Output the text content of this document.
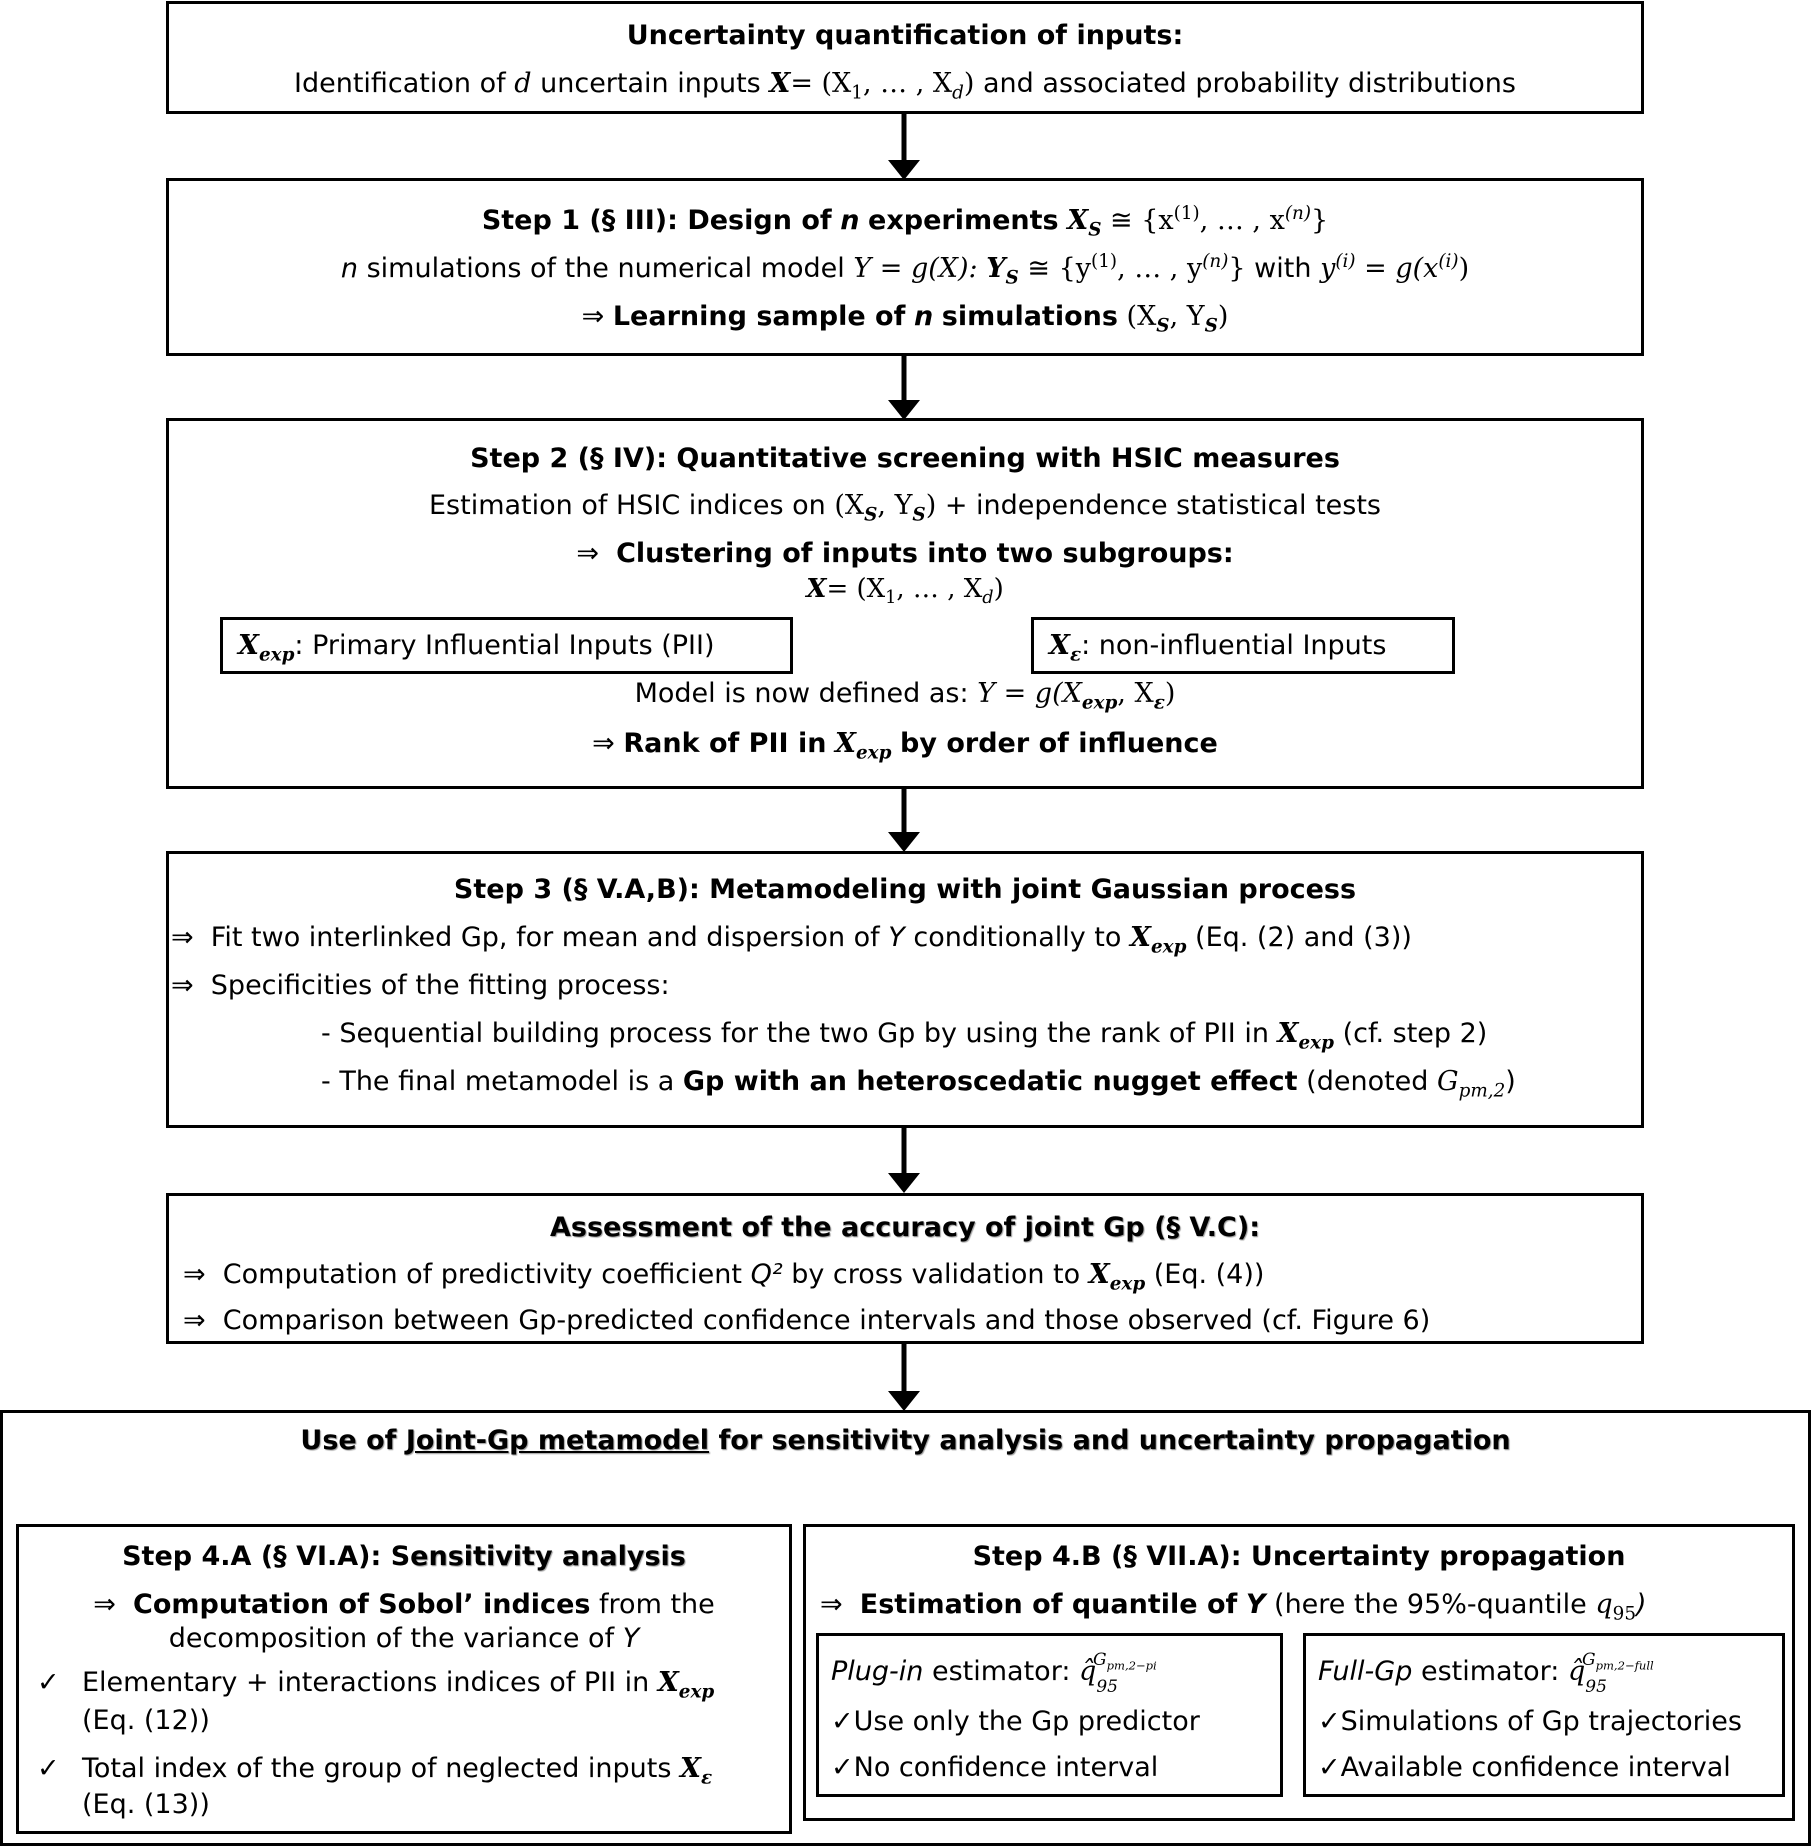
Uncertainty quantification of inputs:
Identification of d uncertain inputs $X= (X_1$, … , $X_d$) and associated probability distributions
Step 1 (§ III): Design of n experiments $X_S$ ≅ {$x^{(1)}$, … , $x^{(n)}$}
n simulations of the numerical model Y = g(X): $Y_S$ ≅ {$y^{(1)}$, … , $y^{(n)}$} with $y^{(i)} = g(x^{(i)})$
⇒ Learning sample of n simulations ($X_S$, $Y_S$)
Step 2 (§ IV): Quantitative screening with HSIC measures
Estimation of HSIC indices on ($X_S$, $Y_S$) + independence statistical tests
⇒ Clustering of inputs into two subgroups:
$X= (X_1$, … , $X_d$)
$X_{exp}$: Primary Influential Inputs (PII)	$X_\varepsilon$: non-influential Inputs
Model is now defined as: $Y = g(X_{exp}$, $X_\varepsilon$)
⇒ Rank of PII in $X_{exp}$ by order of influence
Step 3 (§ V.A,B): Metamodeling with joint Gaussian process
⇒ Fit two interlinked Gp, for mean and dispersion of Y conditionally to $X_{exp}$ (Eq. (2) and (3))
⇒ Specificities of the fitting process:
- Sequential building process for the two Gp by using the rank of PII in $X_{exp}$ (cf. step 2)
- The final metamodel is a Gp with an heteroscedatic nugget effect (denoted $G_{pm,2}$)
Assessment of the accuracy of joint Gp (§ V.C):
⇒ Computation of predictivity coefficient Q² by cross validation to $X_{exp}$ (Eq. (4))
⇒ Comparison between Gp-predicted confidence intervals and those observed (cf. Figure 6)
Use of Joint-Gp metamodel for sensitivity analysis and uncertainty propagation
Step 4.A (§ VI.A): Sensitivity analysis
⇒ Computation of Sobol’ indices from the
decomposition of the variance of Y
✓ Elementary + interactions indices of PII in $X_{exp}$
(Eq. (12))
✓ Total index of the group of neglected inputs $X_\varepsilon$
(Eq. (13))
Step 4.B (§ VII.A): Uncertainty propagation
⇒ Estimation of quantile of Y (here the 95%-quantile $q_{95}$)
Plug-in estimator: $q̂_{95}$
$G_{pm,2-pi}$
✓Use only the Gp predictor
✓No confidence interval
Full-Gp estimator: $q̂_{95}$
$G_{pm,2-full}$
✓Simulations of Gp trajectories
✓Available confidence interval
